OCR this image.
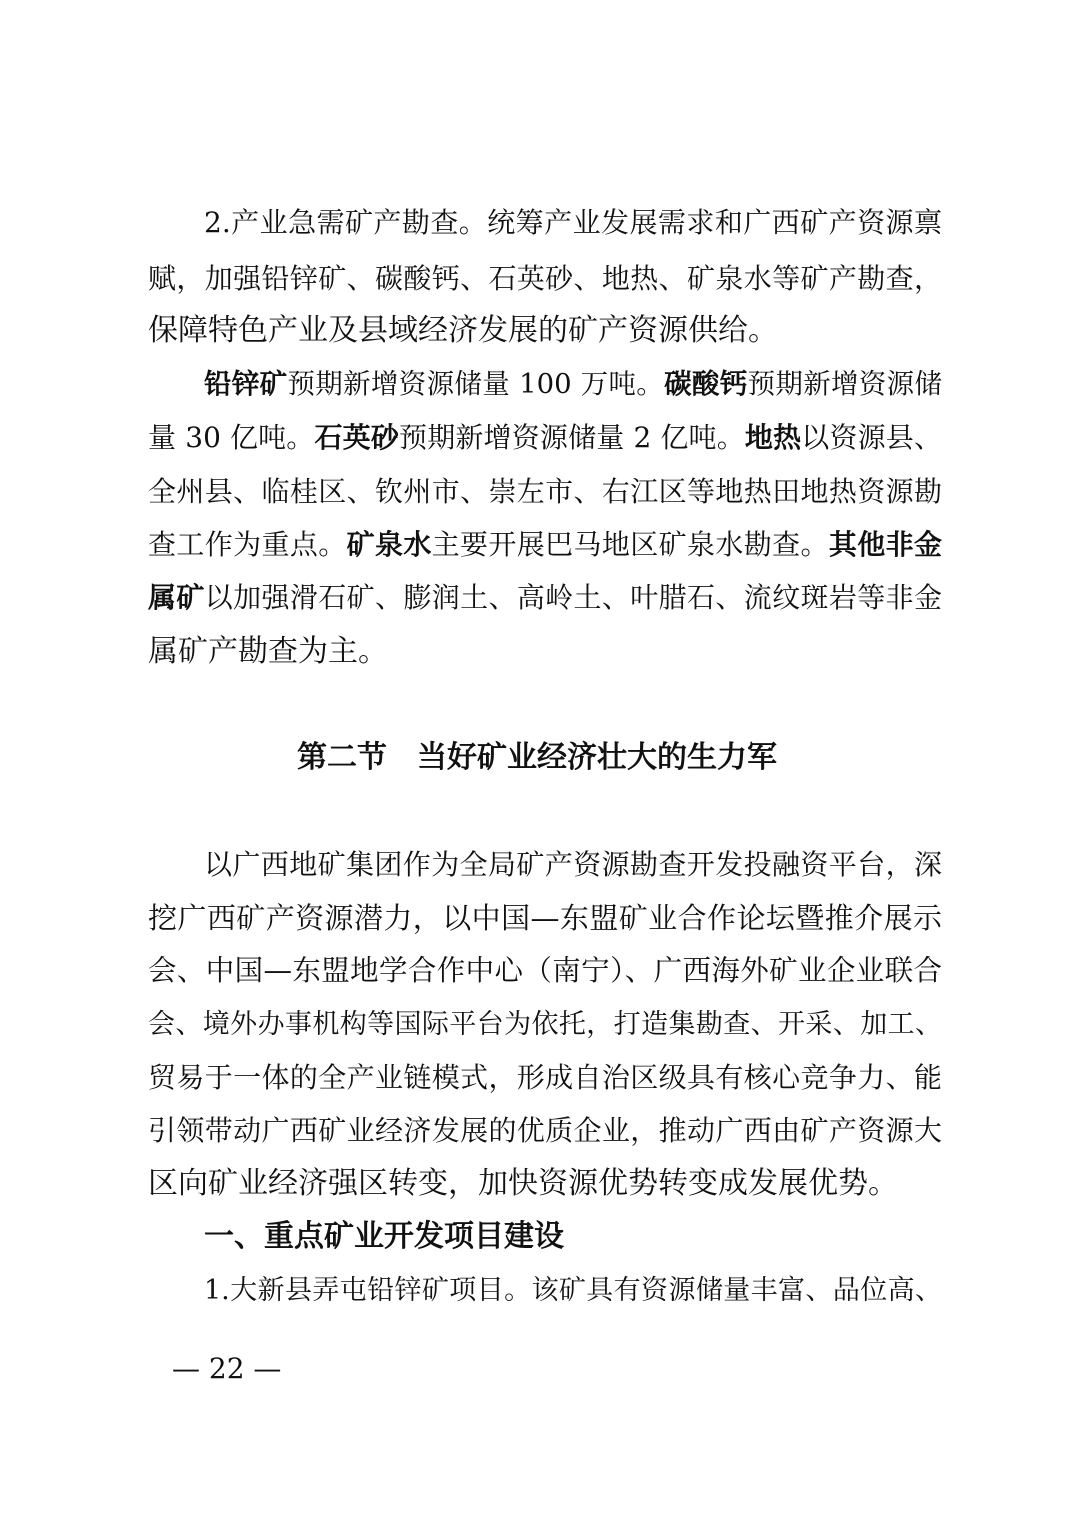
2.产业急需矿产勘查。统筹产业发展需求和广西矿产资源禀
赋，加强铅锌矿、碳酸钙、石英砂、地热、矿泉水等矿产勘查，
保障特色产业及县域经济发展的矿产资源供给。
铅锌矿预期新增资源储量 100 万吨。碳酸钙预期新增资源储
量 30 亿吨。石英砂预期新增资源储量 2 亿吨。地热以资源县、
全州县、临桂区、钦州市、崇左市、右江区等地热田地热资源勘
查工作为重点。矿泉水主要开展巴马地区矿泉水勘查。其他非金
属矿以加强滑石矿、膨润土、高岭土、叶腊石、流纹斑岩等非金
属矿产勘查为主。
第二节　当好矿业经济壮大的生力军
以广西地矿集团作为全局矿产资源勘查开发投融资平台，深
挖广西矿产资源潜力，以中国—东盟矿业合作论坛暨推介展示
会、中国—东盟地学合作中心（南宁）、广西海外矿业企业联合
会、境外办事机构等国际平台为依托，打造集勘查、开采、加工、
贸易于一体的全产业链模式，形成自治区级具有核心竞争力、能
引领带动广西矿业经济发展的优质企业，推动广西由矿产资源大
区向矿业经济强区转变，加快资源优势转变成发展优势。
一、重点矿业开发项目建设
1.大新县弄屯铅锌矿项目。该矿具有资源储量丰富、品位高、
— 22 —
